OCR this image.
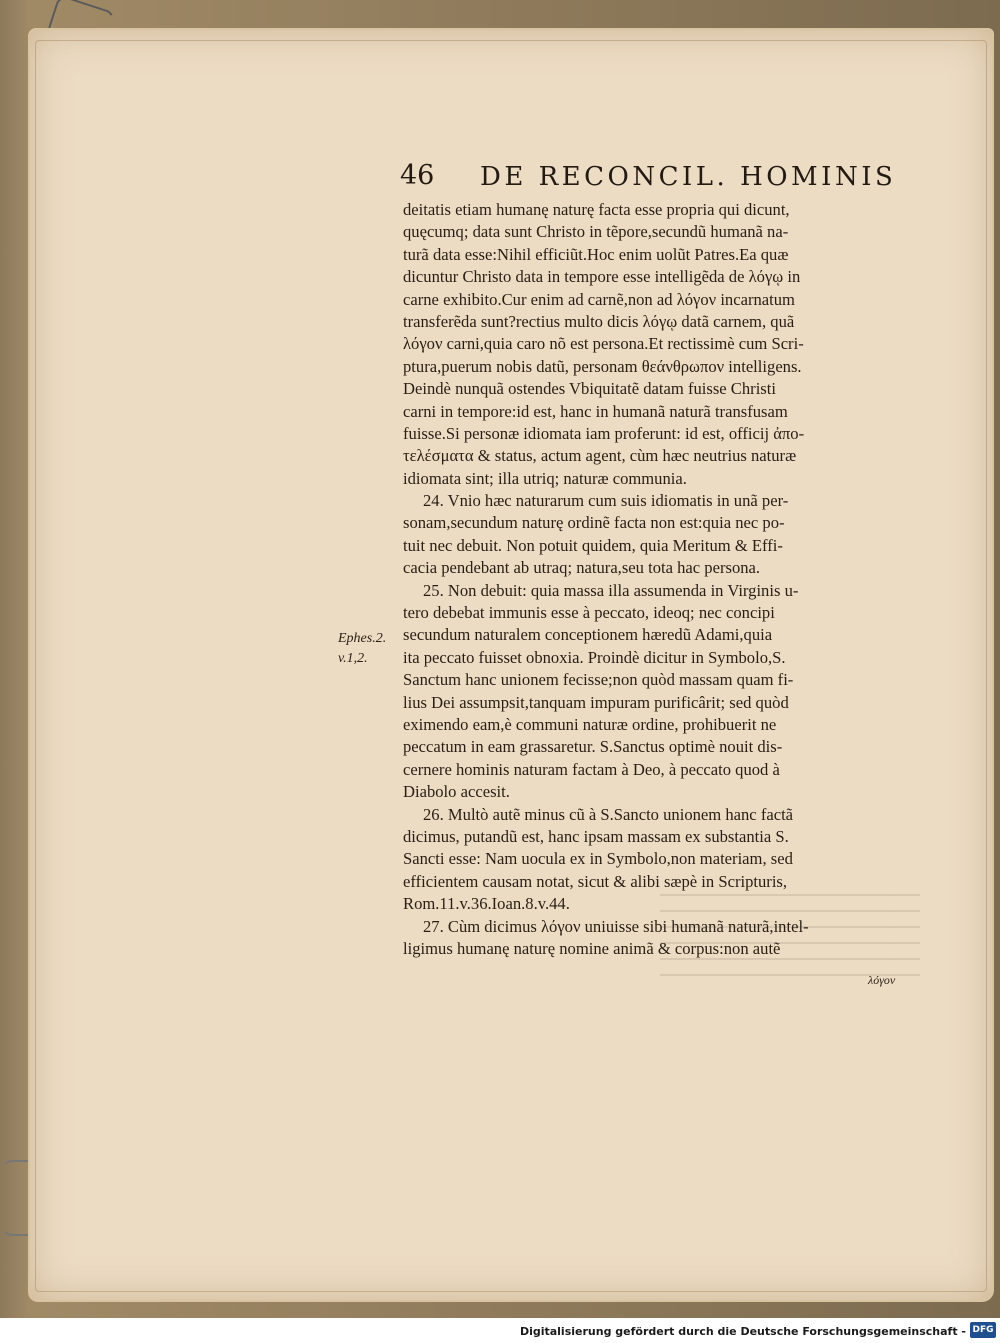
46 DE RECONCIL. HOMINIS
Ephes.2.
v.1,2.
deitatis etiam humanę naturę facta esse propria qui dicunt,
quęcumq; data sunt Christo in tẽpore,secundũ humanã na-
turã data esse:Nihil efficiũt.Hoc enim uolũt Patres.Ea quæ
dicuntur Christo data in tempore esse intelligẽda de λόγῳ in
carne exhibito.Cur enim ad carnẽ,non ad λόγον incarnatum
transferẽda sunt?rectius multo dicis λόγῳ datã carnem, quã
λόγον carni,quia caro nõ est persona.Et rectissimè cum Scri-
ptura,puerum nobis datũ, personam θεάνθρωπον intelligens.
Deindè nunquã ostendes Vbiquitatẽ datam fuisse Christi
carni in tempore:id est, hanc in humanã naturã transfusam
fuisse.Si personæ idiomata iam proferunt: id est, officij ἀπο-
τελέσματα & status, actum agent, cùm hæc neutrius naturæ
idiomata sint; illa utriq; naturæ communia.
24. Vnio hæc naturarum cum suis idiomatis in unã per-
sonam,secundum naturę ordinẽ facta non est:quia nec po-
tuit nec debuit. Non potuit quidem, quia Meritum & Effi-
cacia pendebant ab utraq; natura,seu tota hac persona.
25. Non debuit: quia massa illa assumenda in Virginis u-
tero debebat immunis esse à peccato, ideoq; nec concipi
secundum naturalem conceptionem hæredũ Adami,quia
ita peccato fuisset obnoxia. Proindè dicitur in Symbolo,S.
Sanctum hanc unionem fecisse;non quòd massam quam fi-
lius Dei assumpsit,tanquam impuram purificârit; sed quòd
eximendo eam,è communi naturæ ordine, prohibuerit ne
peccatum in eam grassaretur. S.Sanctus optimè nouit dis-
cernere hominis naturam factam à Deo, à peccato quod à
Diabolo accesit.
26. Multò autẽ minus cũ à S.Sancto unionem hanc factã
dicimus, putandũ est, hanc ipsam massam ex substantia S.
Sancti esse: Nam uocula ex in Symbolo,non materiam, sed
efficientem causam notat, sicut & alibi sæpè in Scripturis,
Rom.11.v.36.Ioan.8.v.44.
27. Cùm dicimus λόγον uniuisse sibi humanã naturã,intel-
ligimus humanę naturę nomine animã & corpus:non autẽ
λόγον
Digitalisierung gefördert durch die Deutsche Forschungsgemeinschaft - DFG
